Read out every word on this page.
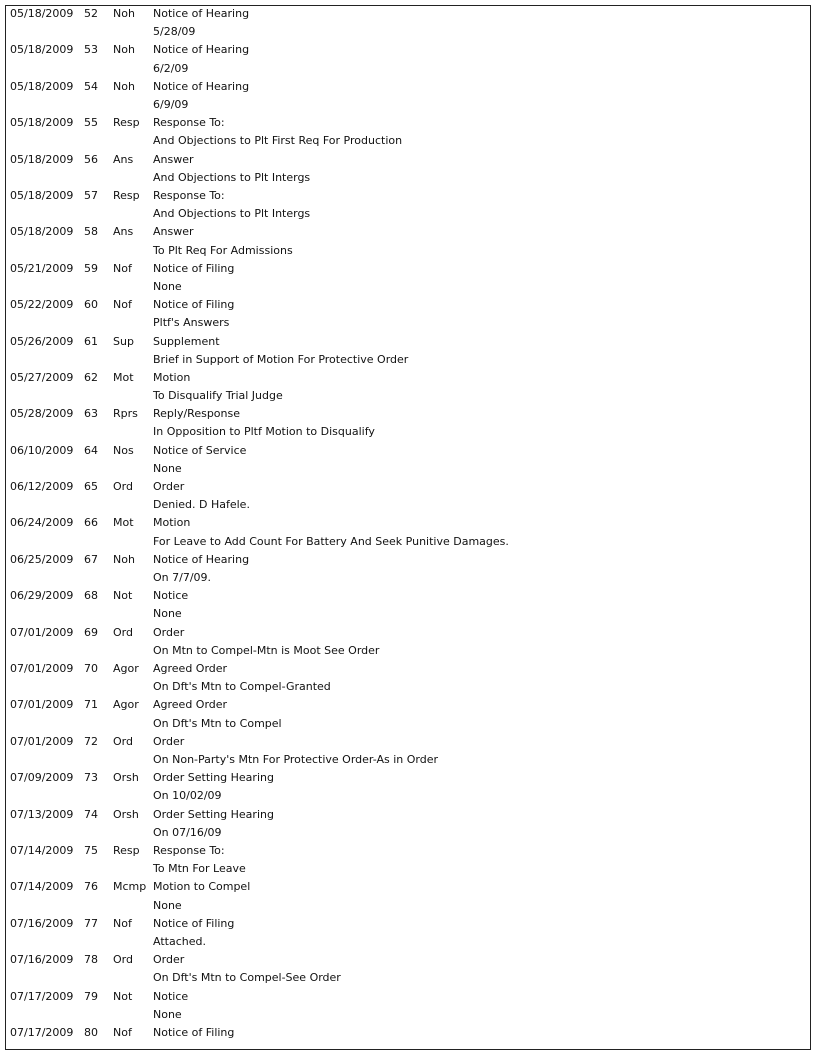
05/18/2009 52 Noh Notice of Hearing
5/28/09
05/18/2009 53 Noh Notice of Hearing
6/2/09
05/18/2009 54 Noh Notice of Hearing
6/9/09
05/18/2009 55 Resp Response To:
And Objections to Plt First Req For Production
05/18/2009 56 Ans Answer
And Objections to Plt Intergs
05/18/2009 57 Resp Response To:
And Objections to Plt Intergs
05/18/2009 58 Ans Answer
To Plt Req For Admissions
05/21/2009 59 Nof Notice of Filing
None
05/22/2009 60 Nof Notice of Filing
Pltf's Answers
05/26/2009 61 Sup Supplement
Brief in Support of Motion For Protective Order
05/27/2009 62 Mot Motion
To Disqualify Trial Judge
05/28/2009 63 Rprs Reply/Response
In Opposition to Pltf Motion to Disqualify
06/10/2009 64 Nos Notice of Service
None
06/12/2009 65 Ord Order
Denied. D Hafele.
06/24/2009 66 Mot Motion
For Leave to Add Count For Battery And Seek Punitive Damages.
06/25/2009 67 Noh Notice of Hearing
On 7/7/09.
06/29/2009 68 Not Notice
None
07/01/2009 69 Ord Order
On Mtn to Compel-Mtn is Moot See Order
07/01/2009 70 Agor Agreed Order
On Dft's Mtn to Compel-Granted
07/01/2009 71 Agor Agreed Order
On Dft's Mtn to Compel
07/01/2009 72 Ord Order
On Non-Party's Mtn For Protective Order-As in Order
07/09/2009 73 Orsh Order Setting Hearing
On 10/02/09
07/13/2009 74 Orsh Order Setting Hearing
On 07/16/09
07/14/2009 75 Resp Response To:
To Mtn For Leave
07/14/2009 76 Mcmp Motion to Compel
None
07/16/2009 77 Nof Notice of Filing
Attached.
07/16/2009 78 Ord Order
On Dft's Mtn to Compel-See Order
07/17/2009 79 Not Notice
None
07/17/2009 80 Nof Notice of Filing
